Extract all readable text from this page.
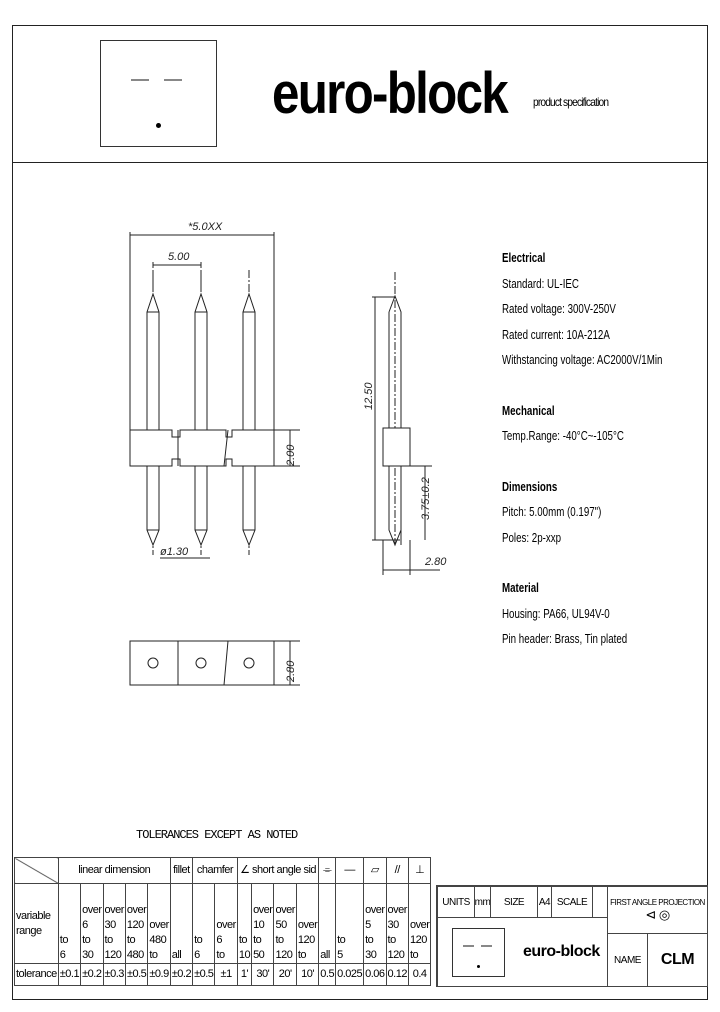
euro-block product specification
*5.0XX
5.00
ø1.30
2.00
12.50
3.75±0.2
2.80
2.80
Electrical
Standard: UL-IEC
Rated voltage: 300V-250V
Rated current: 10A-212A
Withstancing voltage: AC2000V/1Min
Mechanical
Temp.Range: -40°C~-105°C
Dimensions
Pitch: 5.00mm (0.197")
Poles: 2p-xxp
Material
Housing: PA66, UL94V-0
Pin header: Brass, Tin plated
TOLERANCES EXCEPT AS NOTED
	linear dimension					fillet	chamfer		∠ short angle sid				⌯	—	▱	//	⊥
variable range	to 6	over 6 to 30	over 30 to 120	over 120 to 480	over 480 to	all	to 6	over 6 to	to 10	over 10 to 50	over 50 to 120	over 120 to	all	to 5	over 5 to 30	over 30 to 120	over 120 to
tolerance	±0.1	±0.2	±0.3	±0.5	±0.9	±0.2	±0.5	±1	1'	30'	20'	10'	0.5	0.025	0.06	0.12	0.4
UNITS mm	SIZE	A4 SCALE	FIRST ANGLE PROJECTION
⊲ ◎
euro-block	NAME	CLM
